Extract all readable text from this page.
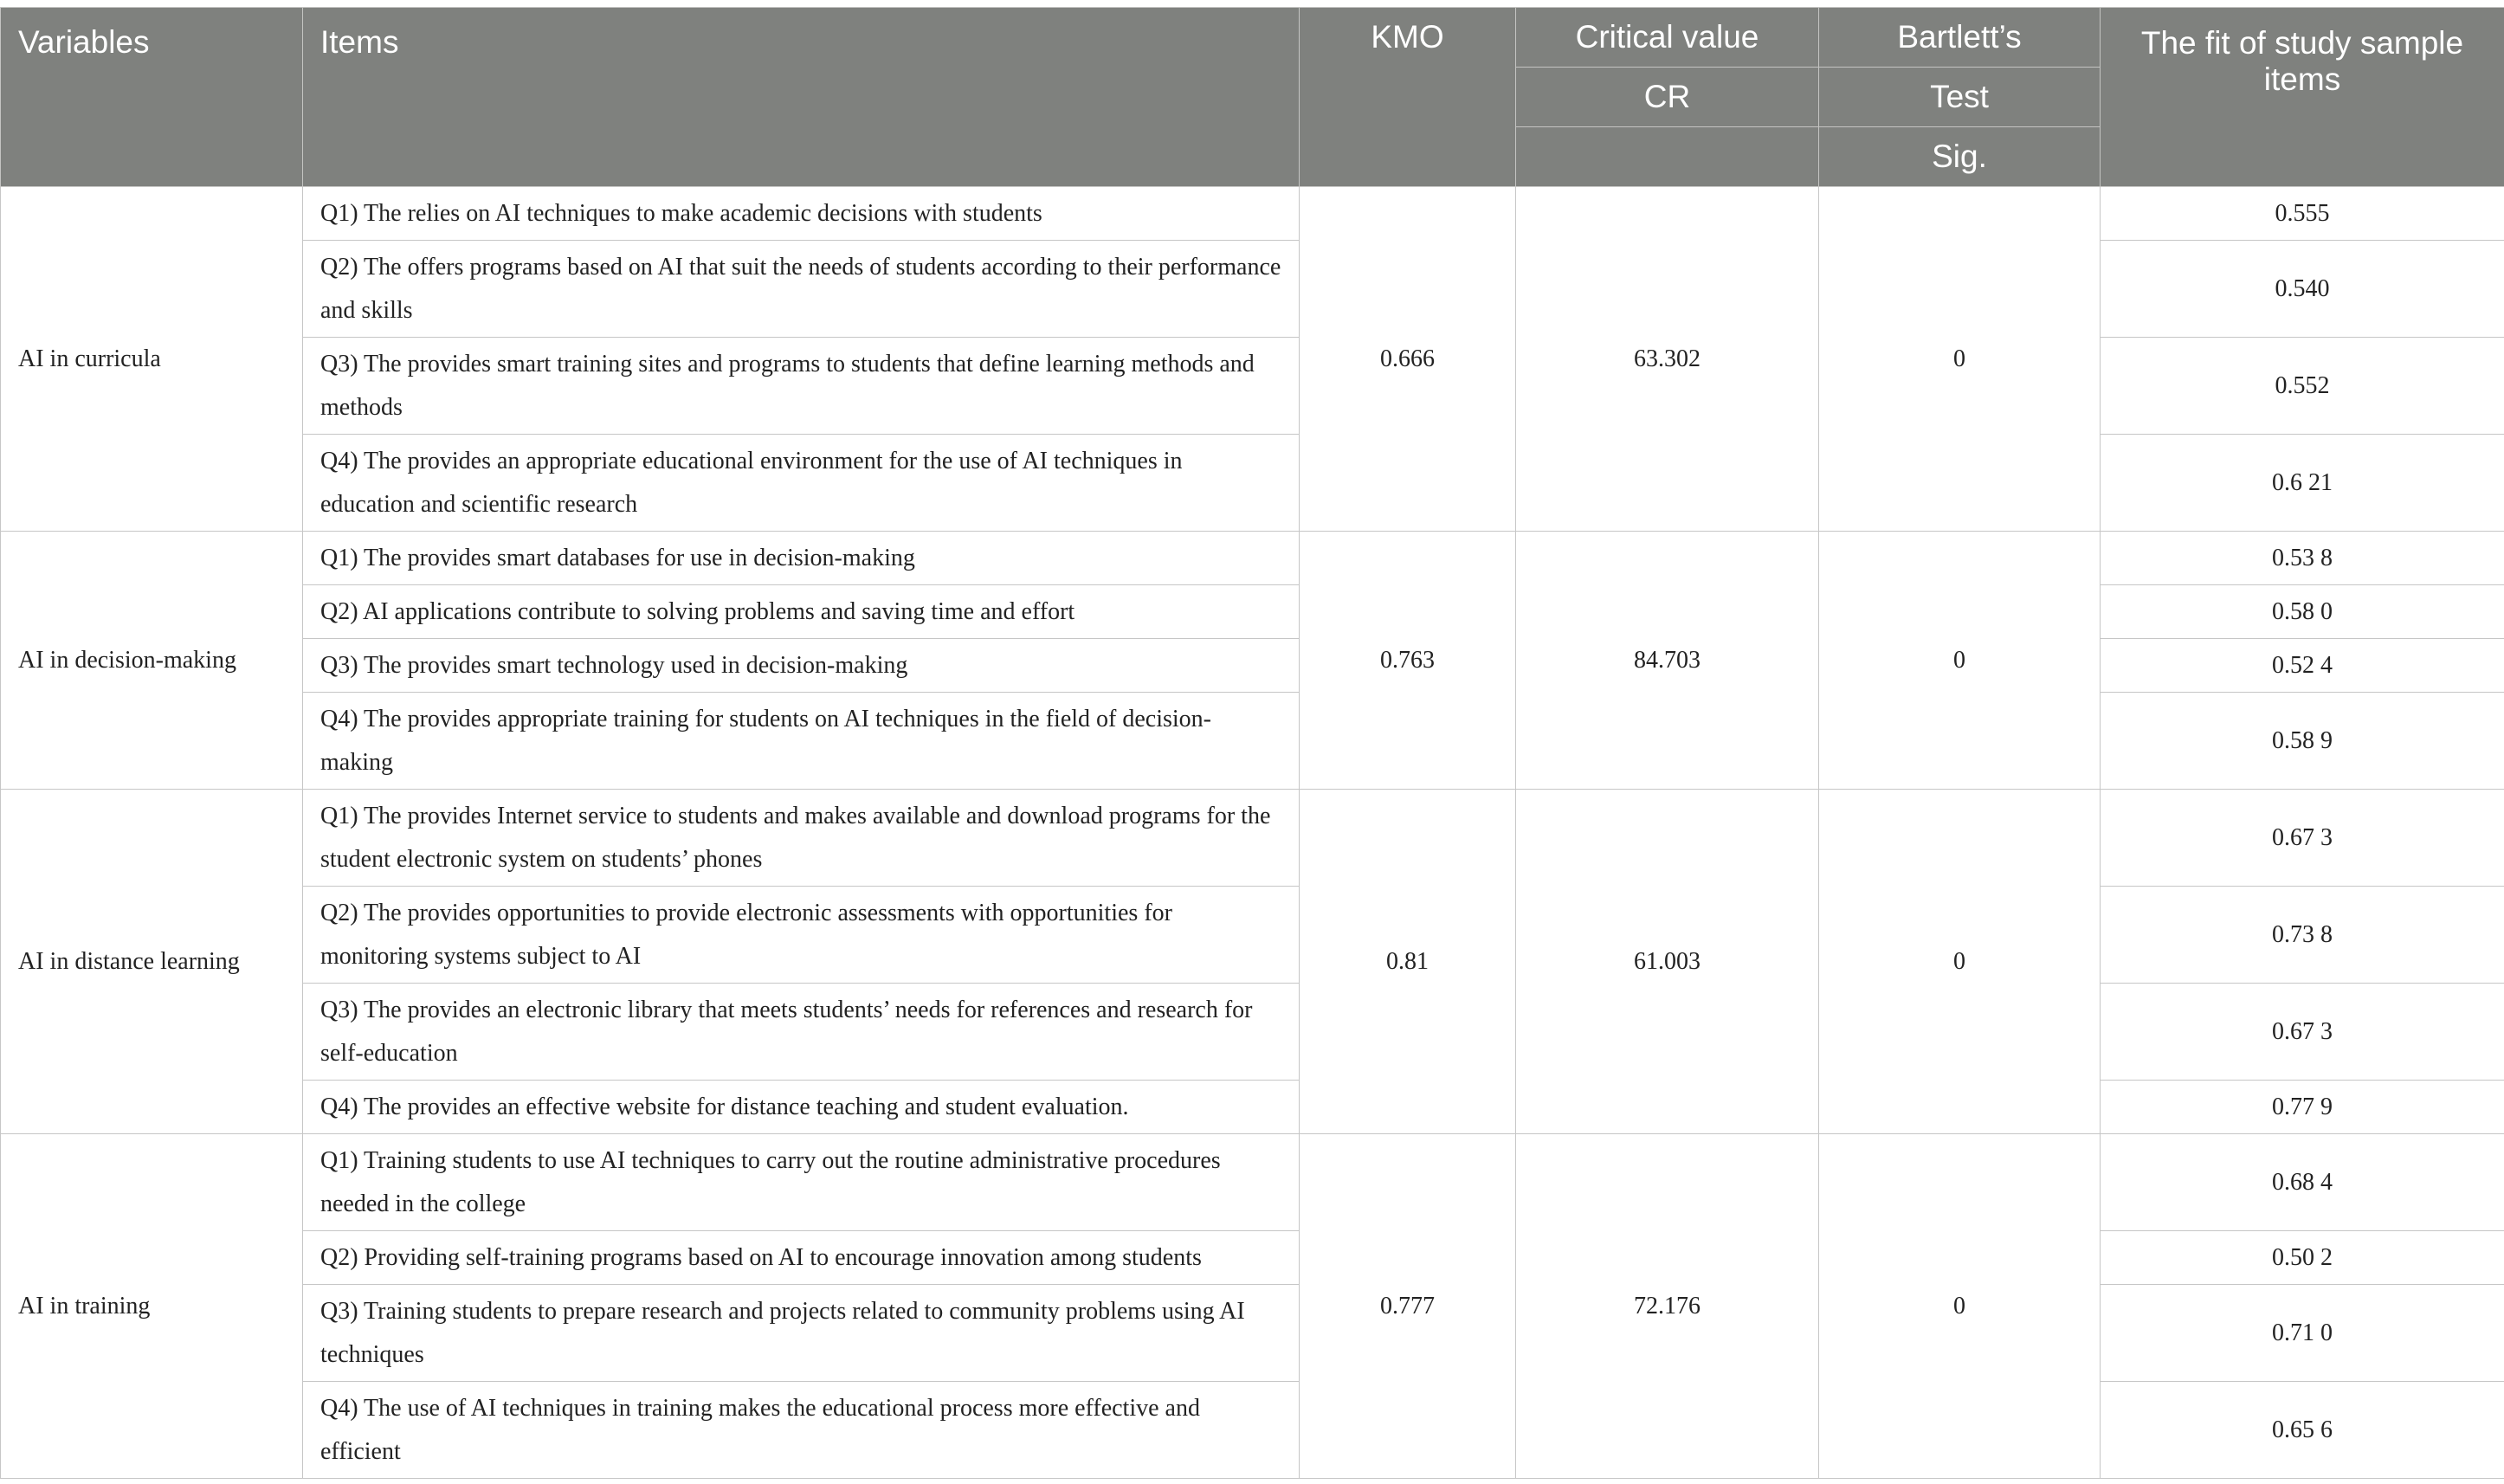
Variables	Items	KMO	Critical value	Bartlett’s	The fit of study sample items
			CR	Test	
				Sig.	
AI in curricula	Q1) The relies on AI techniques to make academic decisions with students	0.666	63.302	0	0.555
	Q2) The offers programs based on AI that suit the needs of students according to their performance and skills				0.540
	Q3) The provides smart training sites and programs to students that define learning methods and methods				0.552
	Q4) The provides an appropriate educational environment for the use of AI techniques in education and scientific research				0.6 21
AI in decision-making	Q1) The provides smart databases for use in decision-making	0.763	84.703	0	0.53 8
	Q2) AI applications contribute to solving problems and saving time and effort				0.58 0
	Q3) The provides smart technology used in decision-making				0.52 4
	Q4) The provides appropriate training for students on AI techniques in the field of decision-making				0.58 9
AI in distance learning	Q1) The provides Internet service to students and makes available and download programs for the student electronic system on students’ phones	0.81	61.003	0	0.67 3
	Q2) The provides opportunities to provide electronic assessments with opportunities for monitoring systems subject to AI				0.73 8
	Q3) The provides an electronic library that meets students’ needs for references and research for self-education				0.67 3
	Q4) The provides an effective website for distance teaching and student evaluation.				0.77 9
AI in training	Q1) Training students to use AI techniques to carry out the routine administrative procedures needed in the college	0.777	72.176	0	0.68 4
	Q2) Providing self-training programs based on AI to encourage innovation among students				0.50 2
	Q3) Training students to prepare research and projects related to community problems using AI techniques				0.71 0
	Q4) The use of AI techniques in training makes the educational process more effective and efficient				0.65 6
